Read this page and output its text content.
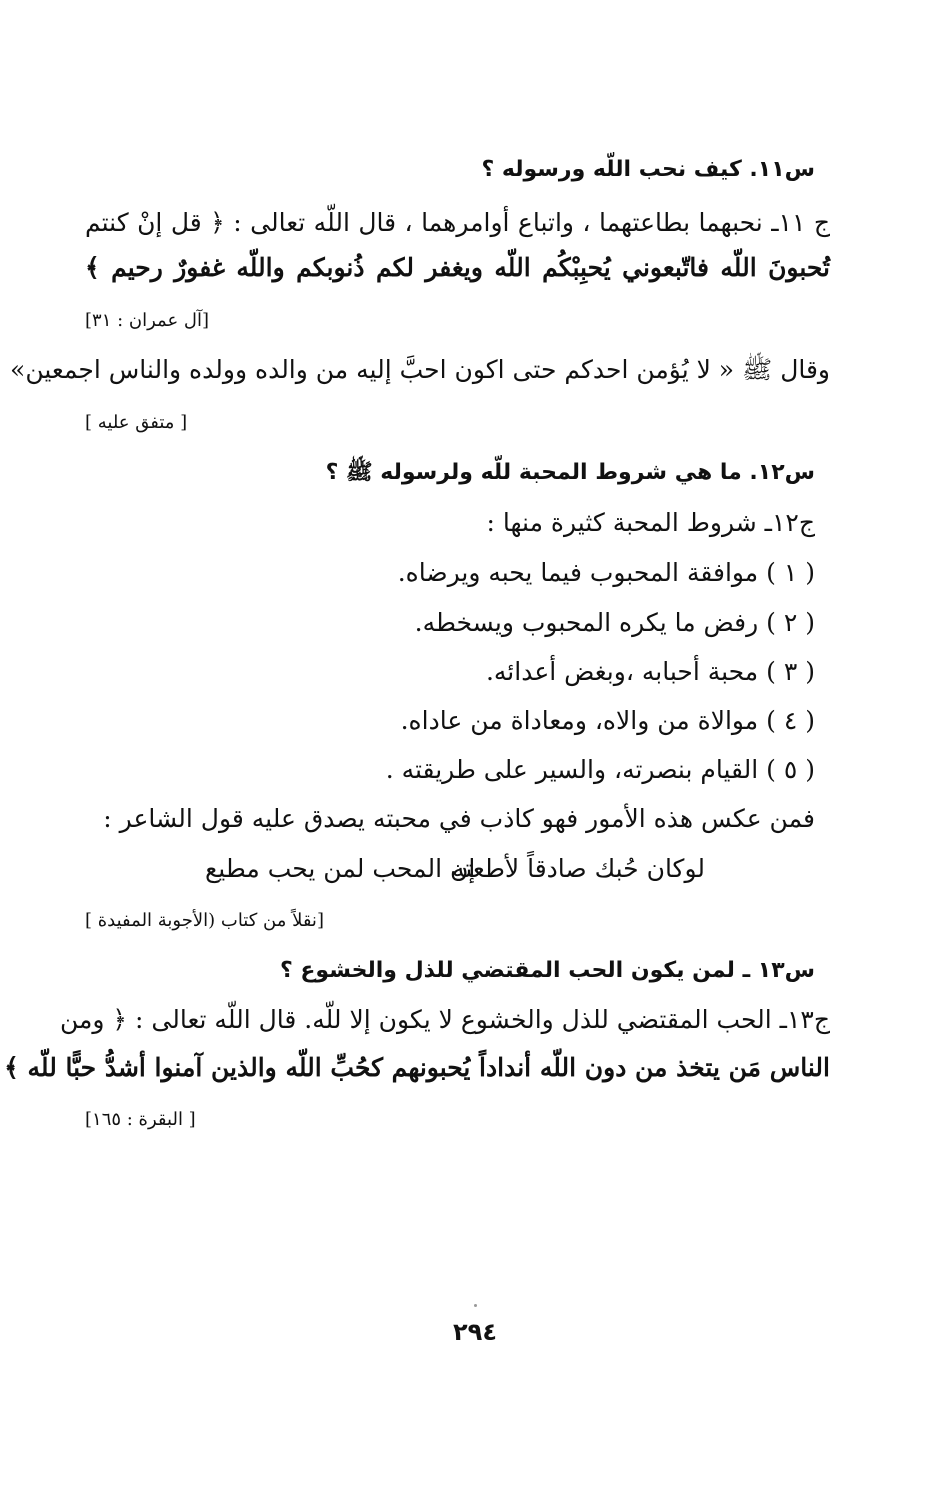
س١١. كيف نحب اللّه ورسوله ؟
ج ١١ـ نحبهما بطاعتهما ، واتباع أوامرهما ، قال اللّه تعالى : ﴿ قل إنْ كنتم
تُحبونَ اللّه فاتّبعوني يُحبِبْكُم اللّه ويغفر لكم ذُنوبكم واللّه غفورٌ رحيم ﴾
[آل عمران : ٣١]
وقال ﷺ « لا يُؤمن احدكم حتى اكون احبَّ إليه من والده وولده والناس اجمعين»
[ متفق عليه ]
س١٢. ما هي شروط المحبة للّه ولرسوله ﷺ ؟
ج١٢ـ شروط المحبة كثيرة منها :
( ١ ) موافقة المحبوب فيما يحبه ويرضاه.
( ٢ ) رفض ما يكره المحبوب ويسخطه.
( ٣ ) محبة أحبابه ،وبغض أعدائه.
( ٤ ) موالاة من والاه، ومعاداة من عاداه.
( ٥ ) القيام بنصرته، والسير على طريقته .
فمن عكس هذه الأمور فهو كاذب في محبته يصدق عليه قول الشاعر :
لوكان حُبك صادقاً لأطعته
إن المحب لمن يحب مطيع
[نقلاً من كتاب (الأجوبة المفيدة ]
س١٣ ـ لمن يكون الحب المقتضي للذل والخشوع ؟
ج١٣ـ الحب المقتضي للذل والخشوع لا يكون إلا للّه. قال اللّه تعالى : ﴿ ومن
الناس مَن يتخذ من دون اللّه أنداداً يُحبونهم كحُبِّ اللّه والذين آمنوا أشدُّ حبًّا للّه ﴾
[ البقرة : ١٦٥]
٢٩٤
